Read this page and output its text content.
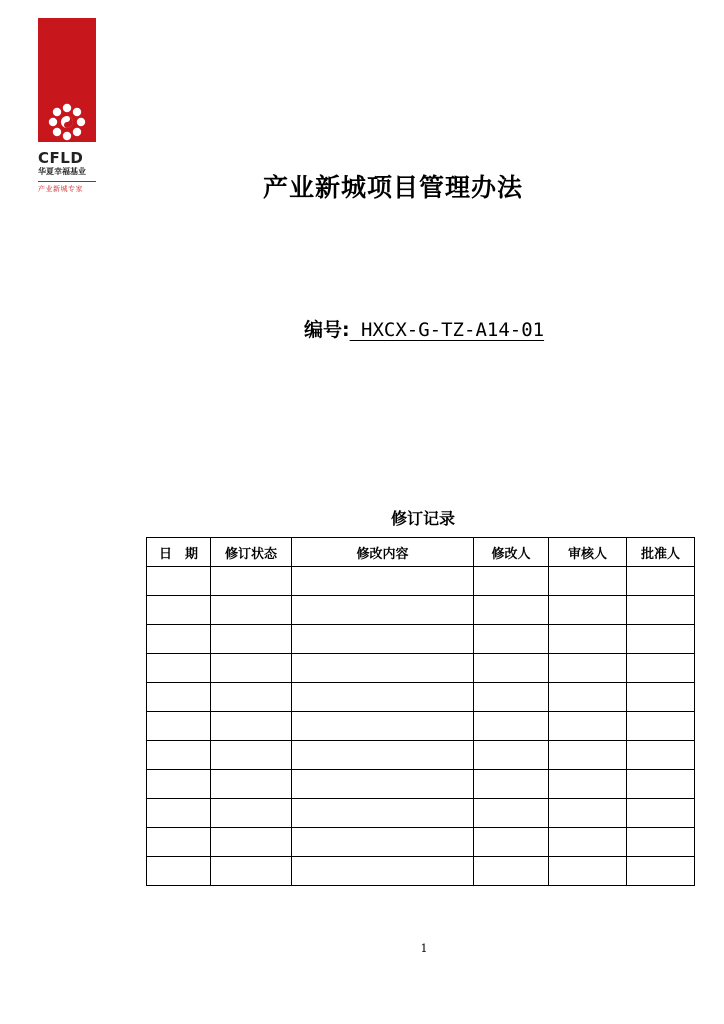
CFLD
华夏幸福基业
产业新城专家	产业新城项目管理办法
编号: HXCX-G-TZ-A14-01
修订记录
日　期	修订状态	修改内容	修改人	审核人	批准人

1
